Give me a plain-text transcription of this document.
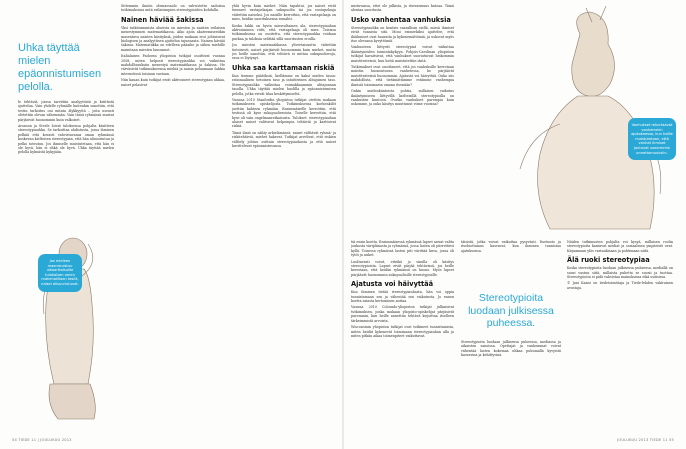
Uhka täyttää mielen epäonnistumisen pelolla.

le tehtäviä, joissa tarvittiin analyyttistä ja kriittistä ajattelua. Vain yhdelle ryhmälle kuitenkin sanottiin, että testin tarkoitus oni mitata älykkyyttä – joita useasti oletettiin olevan vähemmän. Vain tässä ryhmässä mustat pärjäsivät huonommin kuin valkoiset.

Aronson ja Steele loivat tuloksensa pohjalta käsitteen stereotypiauhka. Se tarkoittaa ahdistusta, jossa ihminen pelkää että kovasti vahvistavansa oman ryhmänsä koskevan kielteisen stereotypian, että hän alisuoriutuu ja pelko toteutuu. Jos ihmiselle muistutetaan, että hän ei ole hyvä, hän ei ehkä ole hyvä. Uhka täyttää mielen pelolla kylmästä kykyjään.

Jos mieleen maanmuistuu ulkoarttaisuille tulokaisen omen mahenaiillaan tasilä, naisei alisuuriutuvat.

Sittemmin ilmiön olemassaolo on vahvistettu sadoissa tutkimuksissa mitä erilaisimpien stereotypioiden kohdalla.

Nainen häviää šakissa

Yksi tutkituimmista alueista on miesten ja naisten erilaisen menestyminen matematiikassa. Aiko ajoin akateemisestikin masentava naisten käsityksiä, joiden mukaan eroi johtuisivat biologisen ja analyyttisen ajattelun tajunnasta. Nainen häviää šakissa. Matematiikka on edelleen pääaihe ja siihen miehille mainitaan miesten lausunnot.

Italialaisen Padovan yliopiston tutkijat osoittivat vuonna 2008, miten helposti stereotypiauhka voi vaikuttaa mahdollisuuksiin menestyä matematiikassa ja šakissa. He värväsivät tutkimukseensa miehiä ja naisia pelaamaan šakkia internetissä toisiaan vastaan.

Niin kauan kuin tutkijat eivät aktivoineet stereotypian uhkaa, naiset pelasivat

yhtä hyvin kuin miehet. Näin tapahtui, jos naiset eivät tienneet vastapelaajan sukupuolta tai jos vastapelaaja väitettiin naiseksi. Jos naisille kerrottiin, että vastapelaaja on mies, heidän suorituksensa romahti.

Koska šakki on hyvin miesvaltainen ala, stereotypiauhan aktivoiminen riitti, että vastapelaaja oli mies. Toisissa tutkimuksissa on osoitettu, että stereotypiauhka voidaan purkaa ja tuloksia selittää sillä suoritusten eroilla.

Jos miesten matematiikassa ylivertaisuutta väitettiin tietoisesti, naiset pärjäsivät huonommin kuin miehet, mutta jos heille sanottiin, että tehtävä ei mittaa sukupuolieroja, eroa ei löytynyt.

Uhka saa karttamaan riskiä

Kun tiemme päätöksiä, kiellämme on kaksi mielen tasoa: rationaalinen tietoinen taso ja intuitiivinen alitajuinen taso. Stereotypiauhka vaikuttaa voimakkaammin alitajunnan tasolla. Uhka täyttää mielen huolilla ja epäonnistumisen pelolla, jotka vievät tilaa keskittymiseltä.

Vuonna 2010 Stanfordin yliopiston tutkijat otettiin mukaan tutkimukseen opiskelijoita. Tutkimuksessa koehenkilöt jaettiin kahteen ryhmään. Ensimmäiselle kerrottiin, että testissä oli kyse sukupuolieroista. Toiselle kerrottiin, että kyse oli vain ongelmanratkaisusta. Tulokset: stereotypiauhan alaiset naiset valitsivat helpompia tehtäviä ja karttoivat riskiä.

Tämä ilmiö on nähty arkielämässä: naiset välttävät ryhmä- ja riskitehtäviä, miehet hakevat. Tutkijat arvelivat, että riskien välttely johtuu osittain stereotypiauhasta ja että naiset kuvittelevat epäonnistuvansa.

mistuvansa, ettei ole julkista, ja itsevarmuus katoaa. Tämä alentaa suoritusta.

Usko vanhentaa vanhuksia

Stereotypiauhka on kenties vaarallisin siellä, missä ihmiset eivät tunnista sitä. Moni esimerkiksi ajattelee, että ikäihmiset ovat hauraita ja kykenemättömiä, ja uskovat myös itse olevansa kyvyttömiä.

Vanhuuteen liittyvät stereotypiat voivat vaikuttaa ikääntyneiden toimintakykyyn. Pohjois-Carolinan yliopiston tutkijat havaitsivat, että vanhukset suoriutuivat heikommin muistitesteissä, kun heitä muistutettiin iästä.

Tutkimukset ovat osoittaneet, että jos vanhuksille kerrotaan muistin huonontuvan vanhetessa, he pärjäävät muistitesteissä huonommin. Ajatusta voi häivyttää. Onko siis mahdollista, että tietämättämme estämme vanhempia ihmisiä toimimasta omana itsenään?

Onkin mielenkiintoista pohtia, millaisen vaikutus ikääntymiseen liittyvillä kielteisillä stereotypioilla on vanhusten kuntoon. Ovatko vanhukset parempia kuin uskomme, ja onko käsitys muuttunut viime vuosina?

Vanhukset rekurtaavat vanhemmin ajokokeessa, kun hellle muistutetaan, että vanhat ihmiset joutuvat usearmmin onnettomuuksiin.

tiä ensin koetta. Ensimmäisessä ryhmässä lapset saivat valita joukosta väripliinasta ja ryhmässä, jossa lasten oli piirrettävä kyllä. Toisessa ryhmässä lasten piti värittää kuva, jossa oli tytöt ja nuket.

Luultavasti voisit, etteikö jo sinulla oli käsitys stereotypioista. Lapset eivät pärjää tehtävissä, jos heille kerrotaan, että heidän ryhmänsä on huono. Myös lapset pärjäävät huonommin sukupuolisille stereotypioille.

Ajatusta voi häivyttää

Kun ihminen tietää stereotypiauhasta, hän voi oppia tunnistamaan sen ja vähentää sen vaikutusta. Jo ennen koetta asiasta kertominen auttaa.

Vuonna 2010 Colorado-yliopiston tutkijat julkaisivat tutkimuksen, jonka mukaan yliopisto-opiskelijat pärjäsivät paremmin, kun heille annettiin tehtävä kirjoittaa itselleen tärkeimmistä arvoista.

Wisconsinin yliopiston tutkijat ovat tutkineet tunnistamista, miten heidät kykenevät toimimaan stereotypiauhan alla ja miten pitkän aikaa toimenpiteet vaikuttavat.

täisistä, jotka voivat vaikuttaa pysyvästi. Itsetunto ja itseluottamus kasvavat, kun ihminen tunnistaa ajatuksensa.

Stereotypioita luodaan julkisessa puheessa.

Stereotypioita luodaan julkisessa puheessa, mediassa ja aikuisten sanoissa. Opettajat ja vanhemmat voivat vähentää lasten kokemaa uhkaa puhumalla kyvyistä kasvavina ja kehittyvinä.

Näiden tutkimusten pohjalta voi kysyä, millaisen roolin stereotypioita kantavat mediat ja sosiaalinen ympäristö ovat. Kirjaamaan ylös vastauksiaan ja pohtimaan niitä.

Älä ruoki stereotypiaa

Koska stereotypioita luodaan julkisessa puheessa, mediallä on suuri vastuu siitä, millaista puhetta se suosii ja tuottaa. Stereotypioita ei pidä vahvistaa mainoksissa eikä uutisissa.

© Jani Kaaro on tiedetoimittaja ja Tiede-lehden vakituinen avustaja.

54 TIEDE 11 | JOULUKUU 2013	JOULUKUU 2013 TIEDE 11 55
